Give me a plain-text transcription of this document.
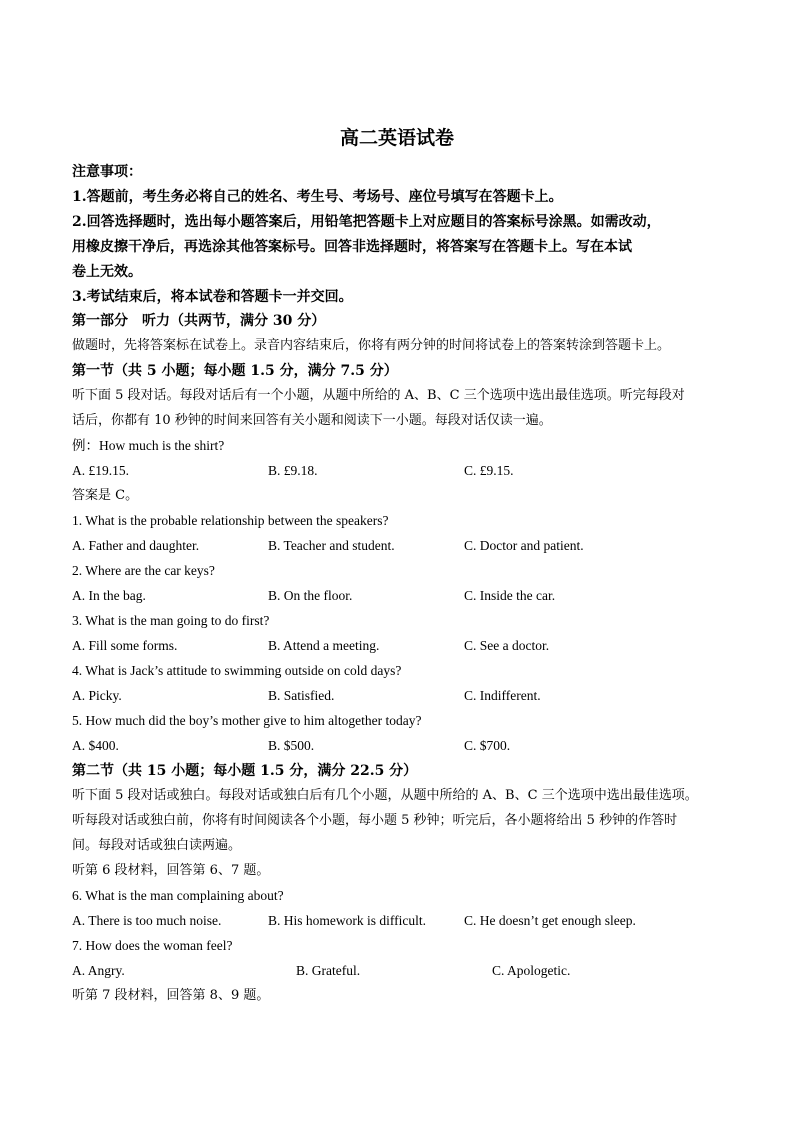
高二英语试卷
注意事项：
1.答题前，考生务必将自己的姓名、考生号、考场号、座位号填写在答题卡上。
2.回答选择题时，选出每小题答案后，用铅笔把答题卡上对应题目的答案标号涂黑。如需改动，
用橡皮擦干净后，再选涂其他答案标号。回答非选择题时，将答案写在答题卡上。写在本试
卷上无效。
3.考试结束后，将本试卷和答题卡一并交回。
第一部分　听力（共两节，满分 30 分）
做题时，先将答案标在试卷上。录音内容结束后，你将有两分钟的时间将试卷上的答案转涂到答题卡上。
第一节（共 5 小题；每小题 1.5 分，满分 7.5 分）
听下面 5 段对话。每段对话后有一个小题，从题中所给的 A、B、C 三个选项中选出最佳选项。听完每段对
话后，你都有 10 秒钟的时间来回答有关小题和阅读下一小题。每段对话仅读一遍。
例：How much is the shirt?
A. £19.15.	B. £9.18.	C. £9.15.
答案是 C。
1. What is the probable relationship between the speakers?
A. Father and daughter.	B. Teacher and student.	C. Doctor and patient.
2. Where are the car keys?
A. In the bag.	B. On the floor.	C. Inside the car.
3. What is the man going to do first?
A. Fill some forms.	B. Attend a meeting.	C. See a doctor.
4. What is Jack’s attitude to swimming outside on cold days?
A. Picky.	B. Satisfied.	C. Indifferent.
5. How much did the boy’s mother give to him altogether today?
A. $400.	B. $500.	C. $700.
第二节（共 15 小题；每小题 1.5 分，满分 22.5 分）
听下面 5 段对话或独白。每段对话或独白后有几个小题，从题中所给的 A、B、C 三个选项中选出最佳选项。
听每段对话或独白前，你将有时间阅读各个小题，每小题 5 秒钟；听完后，各小题将给出 5 秒钟的作答时
间。每段对话或独白读两遍。
听第 6 段材料，回答第 6、7 题。
6. What is the man complaining about?
A. There is too much noise.	B. His homework is difficult.	C. He doesn’t get enough sleep.
7. How does the woman feel?
A. Angry.	B. Grateful.	C. Apologetic.
听第 7 段材料，回答第 8、9 题。
